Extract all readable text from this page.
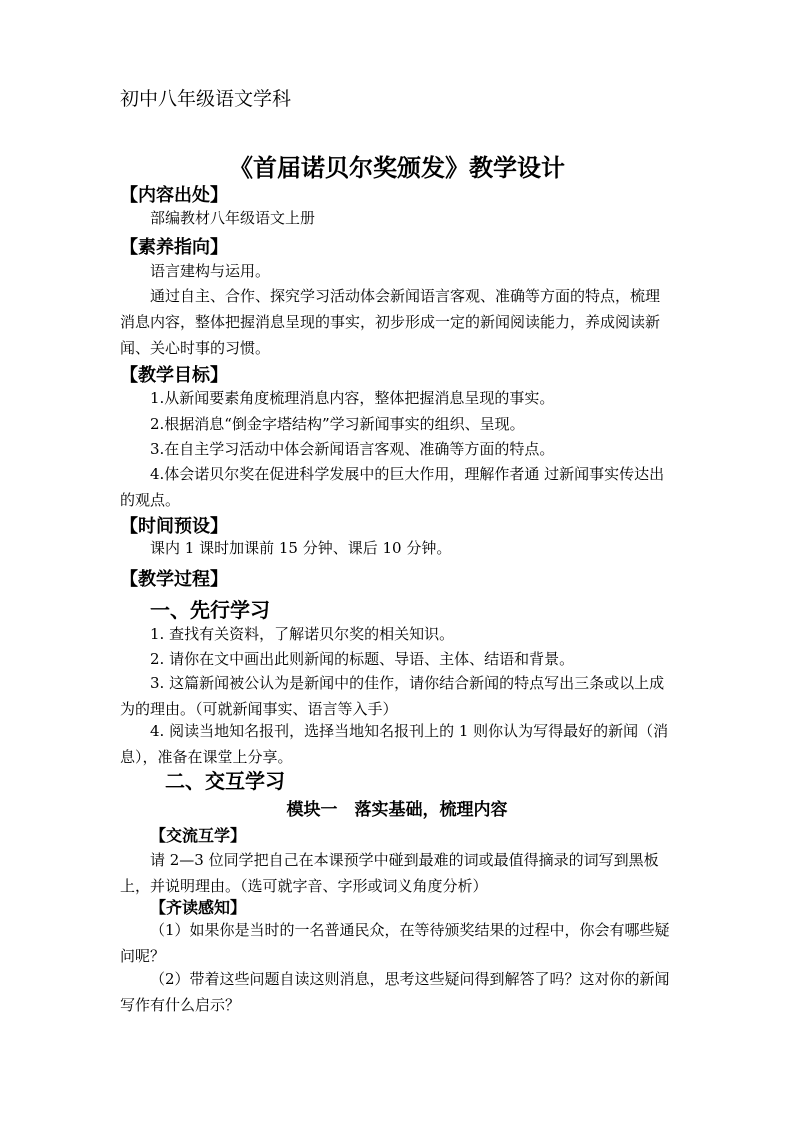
初中八年级语文学科
《首届诺贝尔奖颁发》教学设计
【内容出处】
部编教材八年级语文上册
【素养指向】
语言建构与运用。
通过自主、合作、探究学习活动体会新闻语言客观、准确等方面的特点，梳理消息内容，整体把握消息呈现的事实，初步形成一定的新闻阅读能力，养成阅读新闻、关心时事的习惯。
【教学目标】
1.从新闻要素角度梳理消息内容，整体把握消息呈现的事实。
2.根据消息“倒金字塔结构”学习新闻事实的组织、呈现。
3.在自主学习活动中体会新闻语言客观、准确等方面的特点。
4.体会诺贝尔奖在促进科学发展中的巨大作用，理解作者通 过新闻事实传达出的观点。
【时间预设】
课内 1 课时加课前 15 分钟、课后 10 分钟。
【教学过程】
一、先行学习
1. 查找有关资料，了解诺贝尔奖的相关知识。
2. 请你在文中画出此则新闻的标题、导语、主体、结语和背景。
3. 这篇新闻被公认为是新闻中的佳作，请你结合新闻的特点写出三条或以上成为的理由。（可就新闻事实、语言等入手）
4. 阅读当地知名报刊，选择当地知名报刊上的 1 则你认为写得最好的新闻（消息），准备在课堂上分享。
二、交互学习
模块一　落实基础，梳理内容
【交流互学】
请 2—3 位同学把自己在本课预学中碰到最难的词或最值得摘录的词写到黑板上，并说明理由。（选可就字音、字形或词义角度分析）
【齐读感知】
（1）如果你是当时的一名普通民众，在等待颁奖结果的过程中，你会有哪些疑问呢？
（2）带着这些问题自读这则消息，思考这些疑问得到解答了吗？这对你的新闻写作有什么启示？
